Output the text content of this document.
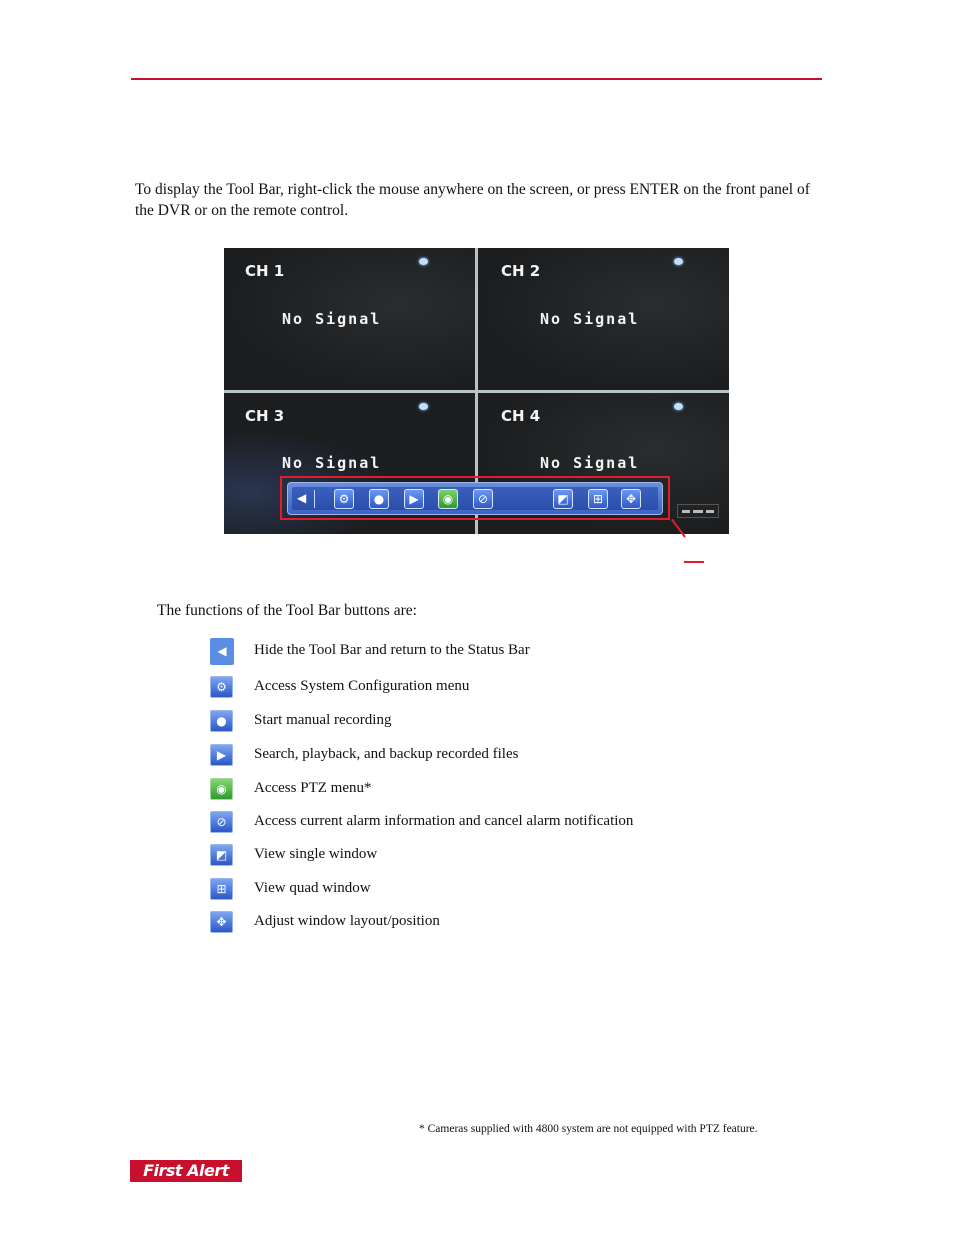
To display the Tool Bar, right-click the mouse anywhere on the screen, or press ENTER on the front panel of the DVR or on the remote control.

CH 1	CH 2
CH 3	CH 4
No Signal	No Signal
No Signal	No Signal
◀	⚙	●	▶	◉	⊘	◩	⊞	✥

The functions of the Tool Bar buttons are:

◀	Hide the Tool Bar and return to the Status Bar
⚙	Access System Configuration menu
●	Start manual recording
▶	Search, playback, and backup recorded files
◉	Access PTZ menu*
⊘	Access current alarm information and cancel alarm notification
◩	View single window
⊞	View quad window
✥	Adjust window layout/position
* Cameras supplied with 4800 system are not equipped with PTZ feature.
First Alert
